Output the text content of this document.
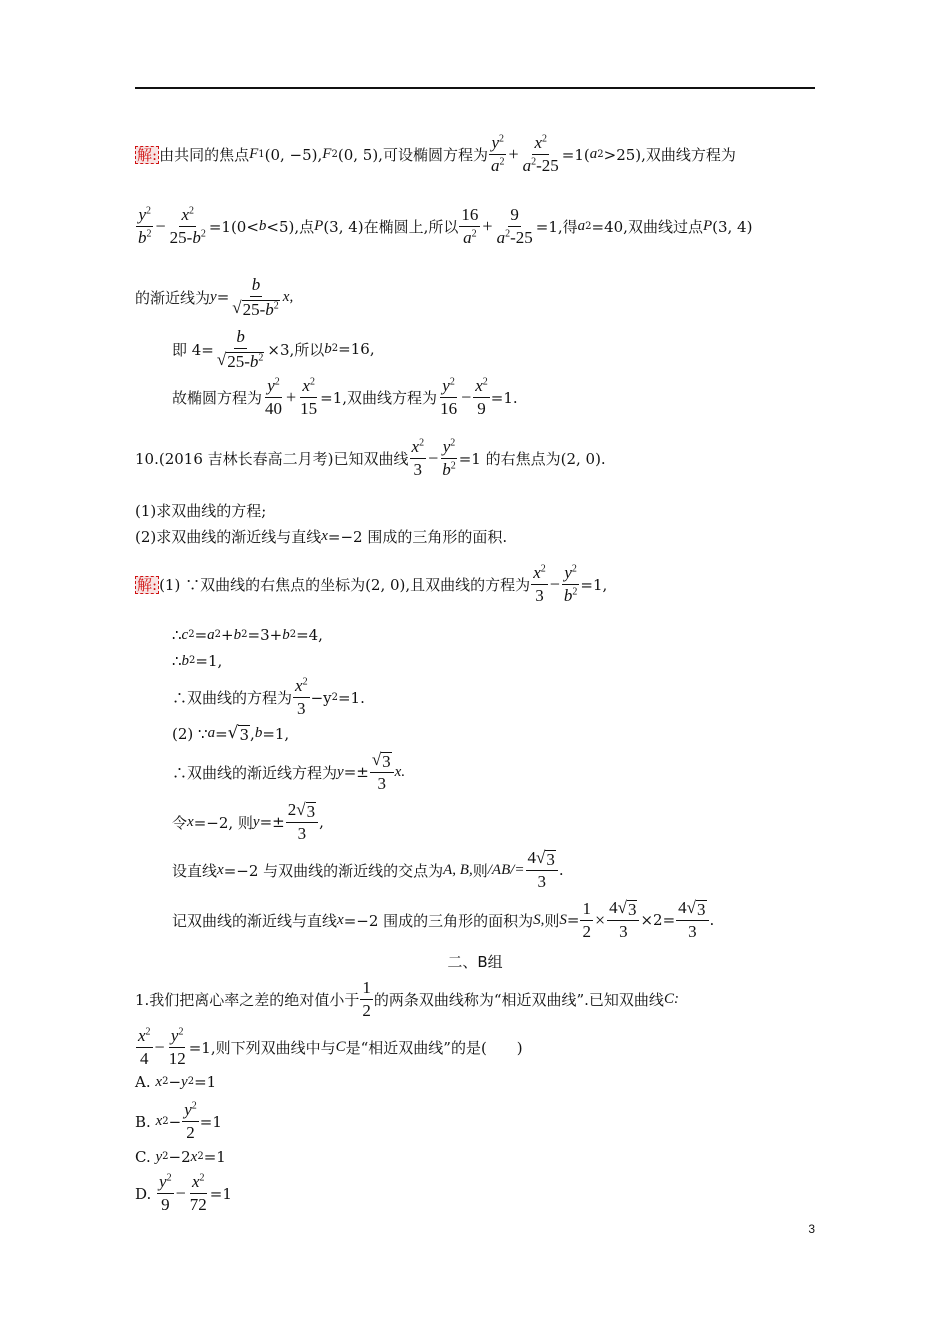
解: 由共同的焦点 F 1 (0, −5), F 2 (0, 5), 可设椭圆方程为 $\frac{y^2}{a^2} + \frac{x^2}{a^2-25} =1$( a 2 >25),双曲线方程为
$\frac{y^2}{b^2} - \frac{x^2}{25-b^2} =1(0< b <5)$,点 P (3, 4)在椭圆上,所以 $\frac{16}{a^2} + \frac{9}{a^2-25} =1$,得 a 2 =40,双曲线过点 P (3, 4)
的渐近线为 $y = \frac{b}{√ 25-b^2} x$,
即 $4= \frac{b}{√ 25-b^2} \times 3$,所以 b 2 =16,
故椭圆方程为 $\frac{y^2}{40} + \frac{x^2}{15} =1$,双曲线方程为 $\frac{y^2}{16} - \frac{x^2}{9} =1$.
10.(2016 吉林长春高二月考)已知双曲线 $\frac{x^2}{3} - \frac{y^2}{b^2} =1$ 的右焦点为(2, 0).
(1)求双曲线的方程;
(2)求双曲线的渐近线与直线 x =−2 围成的三角形的面积.
解: (1) ∵双曲线的右焦点的坐标为(2, 0),且双曲线的方程为 $\frac{x^2}{3} - \frac{y^2}{b^2} =1$,
∴ c 2 = a 2 + b 2 =3+ b 2 =4,
∴ b 2 =1,
∴双曲线的方程为 $\frac{x^2}{3} -y$ 2 =1.
(2) ∵ a = √ 3 , b =1,
∴双曲线的渐近线方程为 $y =\pm \frac{√ 3}{3} x$.
令 x =−2, 则 $y =\pm \frac{2 √ 3}{3}$ ,
设直线 x =−2 与双曲线的渐近线的交点为 A, B, 则 $/AB/= \frac{4 √ 3}{3}$ .
记双曲线的渐近线与直线 x =−2 围成的三角形的面积为 S, 则 $S = \frac{1}{2} \times \frac{4 √ 3}{3} \times 2= \frac{4 √ 3}{3}$ .
二、B组
1.我们把离心率之差的绝对值小于 $\frac{1}{2}$ 的两条双曲线称为“相近双曲线”.已知双曲线 C:
$\frac{x^2}{4} - \frac{y^2}{12} =1$,则下列双曲线中与 C 是“相近双曲线”的是(　　)
A.
x 2 − y 2 =1
B.
x $2 - \frac{y^2}{2} =1$
C.
y 2 −2 x 2 =1
D.
$\frac{y^2}{9} - \frac{x^2}{72} =1$
3
